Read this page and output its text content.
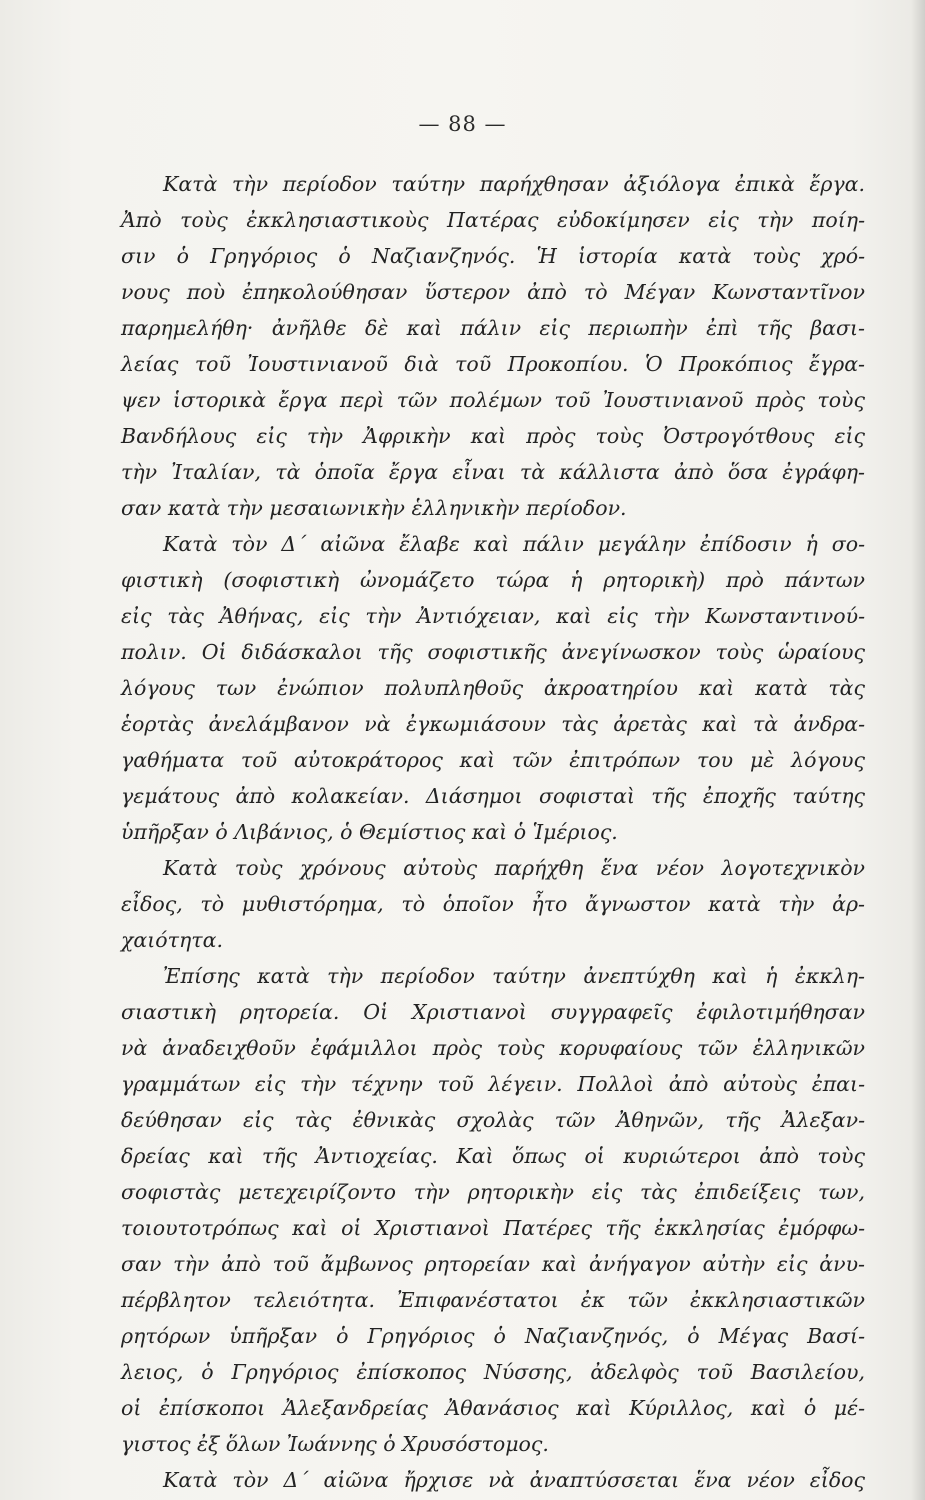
— 88 —
Κατὰ τὴν περίοδον ταύτην παρήχθησαν ἀξιόλογα ἐπικὰ ἔργα.
Ἀπὸ τοὺς ἐκκλησιαστικοὺς Πατέρας εὐδοκίμησεν εἰς τὴν ποίη-
σιν ὁ Γρηγόριος ὁ Ναζιανζηνός. Ἡ ἱστορία κατὰ τοὺς χρό-
νους ποὺ ἐπηκολούθησαν ὕστερον ἀπὸ τὸ Μέγαν Κωνσταντῖνον
παρημελήθη· ἀνῆλθε δὲ καὶ πάλιν εἰς περιωπὴν ἐπὶ τῆς βασι-
λείας τοῦ Ἰουστινιανοῦ διὰ τοῦ Προκοπίου. Ὁ Προκόπιος ἔγρα-
ψεν ἱστορικὰ ἔργα περὶ τῶν πολέμων τοῦ Ἰουστινιανοῦ πρὸς τοὺς
Βανδήλους εἰς τὴν Ἀφρικὴν καὶ πρὸς τοὺς Ὀστρογότθους εἰς
τὴν Ἰταλίαν, τὰ ὁποῖα ἔργα εἶναι τὰ κάλλιστα ἀπὸ ὅσα ἐγράφη-
σαν κατὰ τὴν μεσαιωνικὴν ἑλληνικὴν περίοδον.
Κατὰ τὸν Δ΄ αἰῶνα ἔλαβε καὶ πάλιν μεγάλην ἐπίδοσιν ἡ σο-
φιστικὴ (σοφιστικὴ ὠνομάζετο τώρα ἡ ρητορικὴ) πρὸ πάντων
εἰς τὰς Ἀθήνας, εἰς τὴν Ἀντιόχειαν, καὶ εἰς τὴν Κωνσταντινού-
πολιν. Οἱ διδάσκαλοι τῆς σοφιστικῆς ἀνεγίνωσκον τοὺς ὡραίους
λόγους των ἐνώπιον πολυπληθοῦς ἀκροατηρίου καὶ κατὰ τὰς
ἑορτὰς ἀνελάμβανον νὰ ἐγκωμιάσουν τὰς ἀρετὰς καὶ τὰ ἀνδρα-
γαθήματα τοῦ αὐτοκράτορος καὶ τῶν ἐπιτρόπων του μὲ λόγους
γεμάτους ἀπὸ κολακείαν. Διάσημοι σοφισταὶ τῆς ἐποχῆς ταύτης
ὑπῆρξαν ὁ Λιβάνιος, ὁ Θεμίστιος καὶ ὁ Ἱμέριος.
Κατὰ τοὺς χρόνους αὐτοὺς παρήχθη ἕνα νέον λογοτεχνικὸν
εἶδος, τὸ μυθιστόρημα, τὸ ὁποῖον ἦτο ἄγνωστον κατὰ τὴν ἀρ-
χαιότητα.
Ἐπίσης κατὰ τὴν περίοδον ταύτην ἀνεπτύχθη καὶ ἡ ἐκκλη-
σιαστικὴ ρητορεία. Οἱ Χριστιανοὶ συγγραφεῖς ἐφιλοτιμήθησαν
νὰ ἀναδειχθοῦν ἐφάμιλλοι πρὸς τοὺς κορυφαίους τῶν ἑλληνικῶν
γραμμάτων εἰς τὴν τέχνην τοῦ λέγειν. Πολλοὶ ἀπὸ αὐτοὺς ἐπαι-
δεύθησαν εἰς τὰς ἐθνικὰς σχολὰς τῶν Ἀθηνῶν, τῆς Ἀλεξαν-
δρείας καὶ τῆς Ἀντιοχείας. Καὶ ὅπως οἱ κυριώτεροι ἀπὸ τοὺς
σοφιστὰς μετεχειρίζοντο τὴν ρητορικὴν εἰς τὰς ἐπιδείξεις των,
τοιουτοτρόπως καὶ οἱ Χριστιανοὶ Πατέρες τῆς ἐκκλησίας ἐμόρφω-
σαν τὴν ἀπὸ τοῦ ἄμβωνος ρητορείαν καὶ ἀνήγαγον αὐτὴν εἰς ἀνυ-
πέρβλητον τελειότητα. Ἐπιφανέστατοι ἐκ τῶν ἐκκλησιαστικῶν
ρητόρων ὑπῆρξαν ὁ Γρηγόριος ὁ Ναζιανζηνός, ὁ Μέγας Βασί-
λειος, ὁ Γρηγόριος ἐπίσκοπος Νύσσης, ἀδελφὸς τοῦ Βασιλείου,
οἱ ἐπίσκοποι Ἀλεξανδρείας Ἀθανάσιος καὶ Κύριλλος, καὶ ὁ μέ-
γιστος ἐξ ὅλων Ἰωάννης ὁ Χρυσόστομος.
Κατὰ τὸν Δ΄ αἰῶνα ἤρχισε νὰ ἀναπτύσσεται ἕνα νέον εἶδος
